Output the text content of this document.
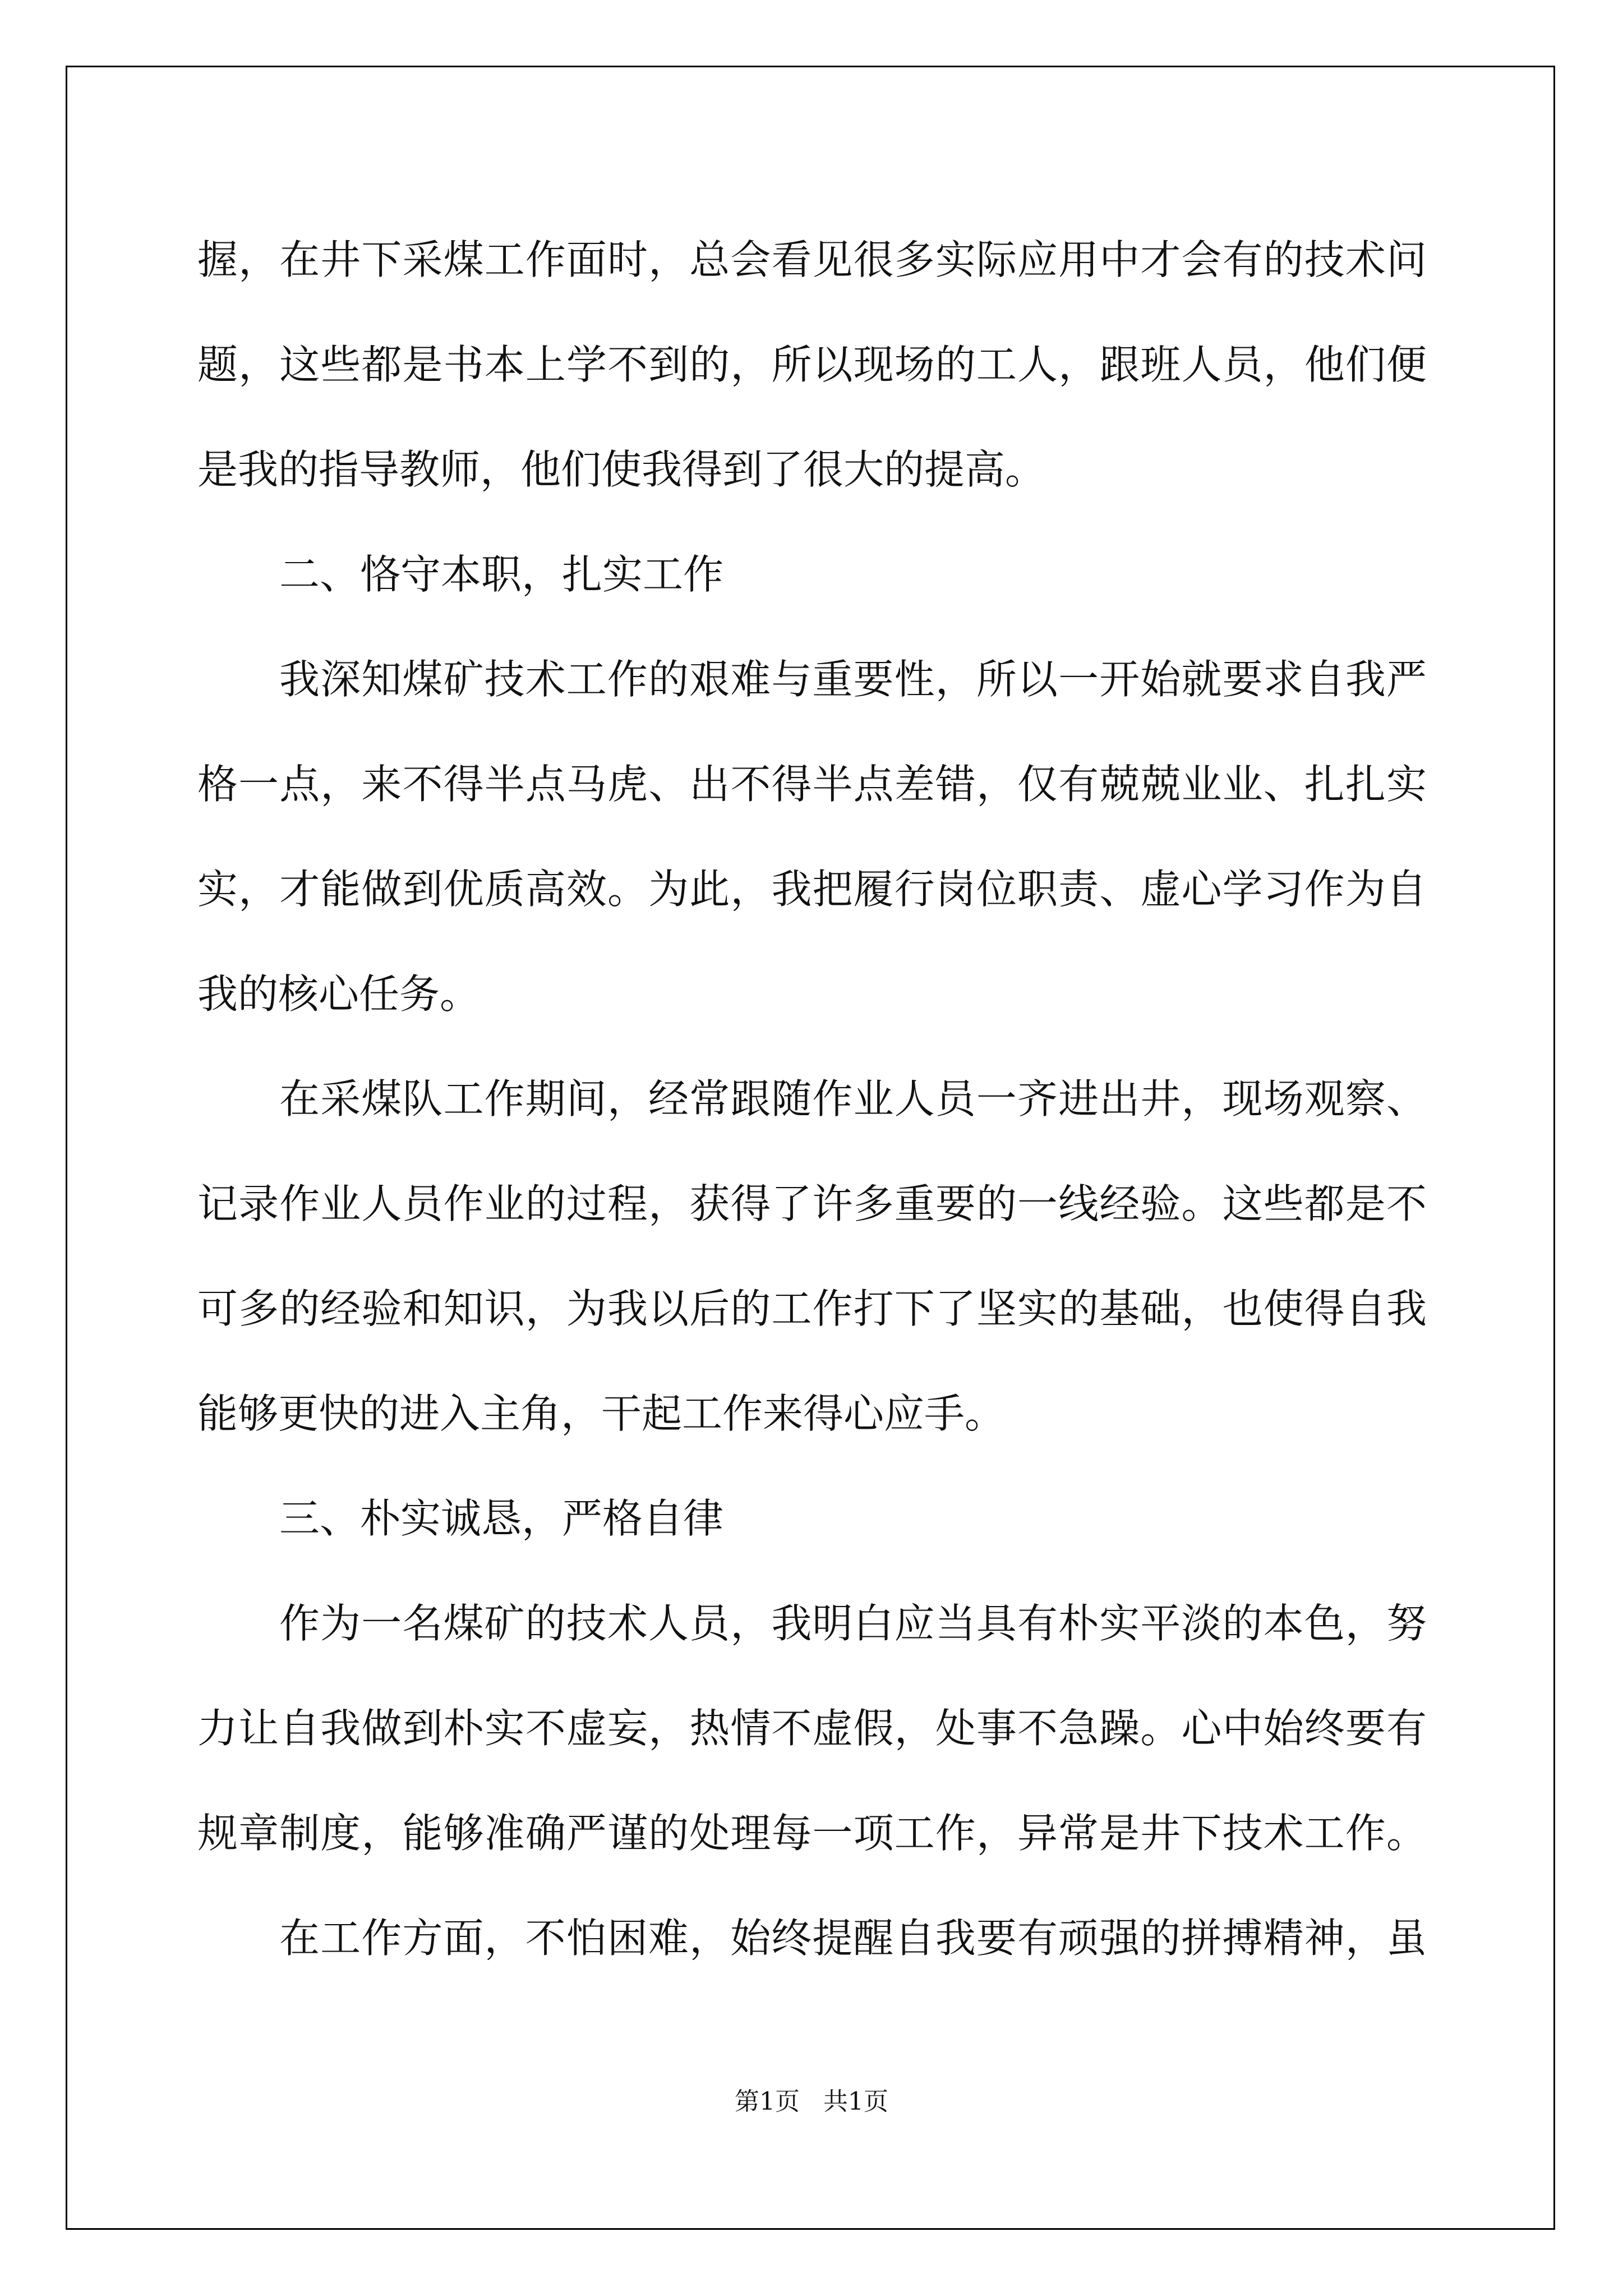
握，在井下采煤工作面时，总会看见很多实际应用中才会有的技术问
题，这些都是书本上学不到的，所以现场的工人，跟班人员，他们便
是我的指导教师，他们使我得到了很大的提高。
二、恪守本职，扎实工作
我深知煤矿技术工作的艰难与重要性，所以一开始就要求自我严
格一点，来不得半点马虎、出不得半点差错，仅有兢兢业业、扎扎实
实，才能做到优质高效。为此，我把履行岗位职责、虚心学习作为自
我的核心任务。
在采煤队工作期间，经常跟随作业人员一齐进出井，现场观察、
记录作业人员作业的过程，获得了许多重要的一线经验。这些都是不
可多的经验和知识，为我以后的工作打下了坚实的基础，也使得自我
能够更快的进入主角，干起工作来得心应手。
三、朴实诚恳，严格自律
作为一名煤矿的技术人员，我明白应当具有朴实平淡的本色，努
力让自我做到朴实不虚妄，热情不虚假，处事不急躁。心中始终要有
规章制度，能够准确严谨的处理每一项工作，异常是井下技术工作。
在工作方面，不怕困难，始终提醒自我要有顽强的拼搏精神，虽
第1页   共1页
